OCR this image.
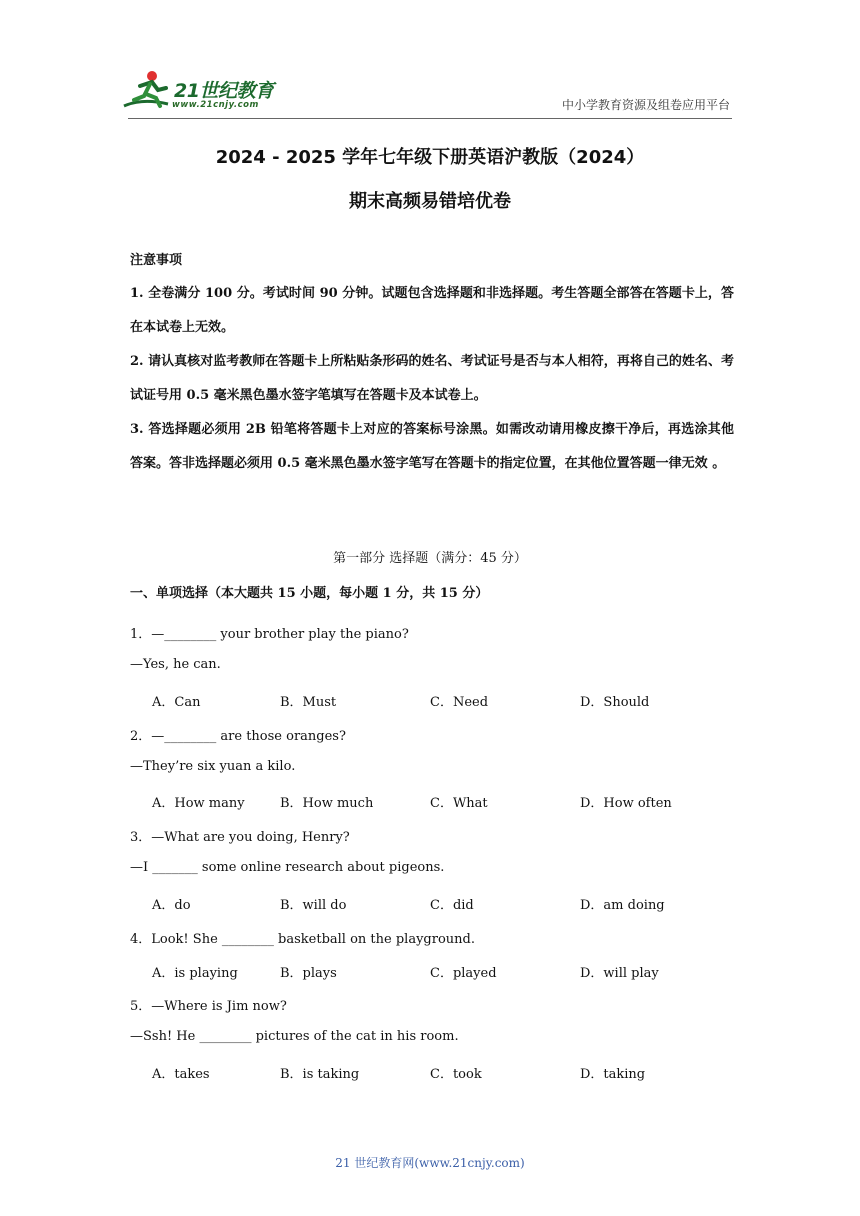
21世纪教育
www.21cnjy.com	中小学教育资源及组卷应用平台
2024 - 2025 学年七年级下册英语沪教版（2024）
期末高频易错培优卷
注意事项

1. 全卷满分 100 分。考试时间 90 分钟。试题包含选择题和非选择题。考生答题全部答在答题卡上，答在本试卷上无效。

2. 请认真核对监考教师在答题卡上所粘贴条形码的姓名、考试证号是否与本人相符，再将自己的姓名、考试证号用 0.5 毫米黑色墨水签字笔填写在答题卡及本试卷上。

3. 答选择题必须用 2B 铅笔将答题卡上对应的答案标号涂黑。如需改动请用橡皮擦干净后，再选涂其他答案。答非选择题必须用 0.5 毫米黑色墨水签字笔写在答题卡的指定位置，在其他位置答题一律无效 。

第一部分 选择题（满分：45 分）
一、单项选择（本大题共 15 小题，每小题 1 分，共 15 分）
1．—________ your brother play the piano?
—Yes, he can.
A．Can	B．Must	C．Need	D．Should
2．—________ are those oranges?
—They’re six yuan a kilo.
A．How many	B．How much	C．What	D．How often
3．—What are you doing, Henry?
—I _______ some online research about pigeons.
A．do	B．will do	C．did	D．am doing
4．Look! She ________ basketball on the playground.
A．is playing	B．plays	C．played	D．will play
5．—Where is Jim now?
—Ssh! He ________ pictures of the cat in his room.
A．takes	B．is taking	C．took	D．taking
21 世纪教育网(www.21cnjy.com)
